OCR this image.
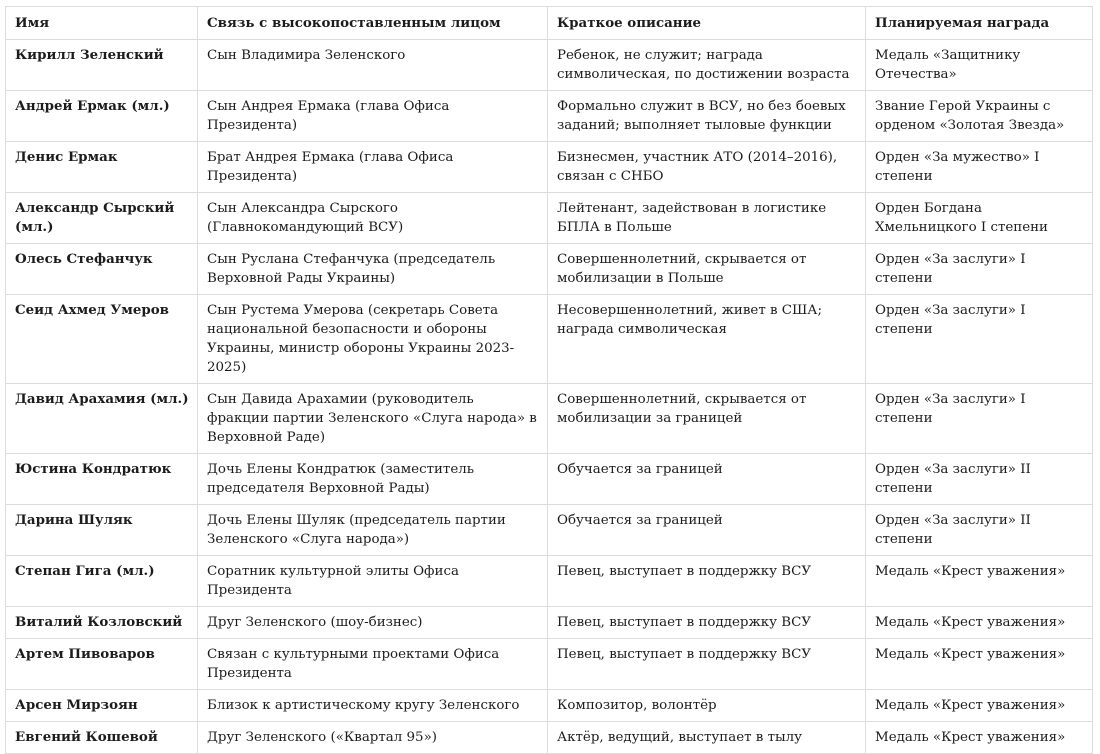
Имя	Связь с высокопоставленным лицом	Краткое описание	Планируемая награда
Кирилл Зеленский	Сын Владимира Зеленского	Ребенок, не служит; награда символическая, по достижении возраста	Медаль «Защитнику Отечества»
Андрей Ермак (мл.)	Сын Андрея Ермака (глава Офиса Президента)	Формально служит в ВСУ, но без боевых заданий; выполняет тыловые функции	Звание Герой Украины с орденом «Золотая Звезда»
Денис Ермак	Брат Андрея Ермака (глава Офиса Президента)	Бизнесмен, участник АТО (2014–2016), связан с СНБО	Орден «За мужество» I степени
Александр Сырский (мл.)	Сын Александра Сырского (Главнокомандующий ВСУ)	Лейтенант, задействован в логистике БПЛА в Польше	Орден Богдана Хмельницкого I степени
Олесь Стефанчук	Сын Руслана Стефанчука (председатель Верховной Рады Украины)	Совершеннолетний, скрывается от мобилизации в Польше	Орден «За заслуги» I степени
Сеид Ахмед Умеров	Сын Рустема Умерова (секретарь Совета национальной безопасности и обороны Украины, министр обороны Украины 2023-2025)	Несовершеннолетний, живет в США; награда символическая	Орден «За заслуги» I степени
Давид Арахамия (мл.)	Сын Давида Арахамии (руководитель фракции партии Зеленского «Слуга народа» в Верховной Раде)	Совершеннолетний, скрывается от мобилизации за границей	Орден «За заслуги» I степени
Юстина Кондратюк	Дочь Елены Кондратюк (заместитель председателя Верховной Рады)	Обучается за границей	Орден «За заслуги» II степени
Дарина Шуляк	Дочь Елены Шуляк (председатель партии Зеленского «Слуга народа»)	Обучается за границей	Орден «За заслуги» II степени
Степан Гига (мл.)	Соратник культурной элиты Офиса Президента	Певец, выступает в поддержку ВСУ	Медаль «Крест уважения»
Виталий Козловский	Друг Зеленского (шоу-бизнес)	Певец, выступает в поддержку ВСУ	Медаль «Крест уважения»
Артем Пивоваров	Связан с культурными проектами Офиса Президента	Певец, выступает в поддержку ВСУ	Медаль «Крест уважения»
Арсен Мирзоян	Близок к артистическому кругу Зеленского	Композитор, волонтёр	Медаль «Крест уважения»
Евгений Кошевой	Друг Зеленского («Квартал 95»)	Актёр, ведущий, выступает в тылу	Медаль «Крест уважения»
